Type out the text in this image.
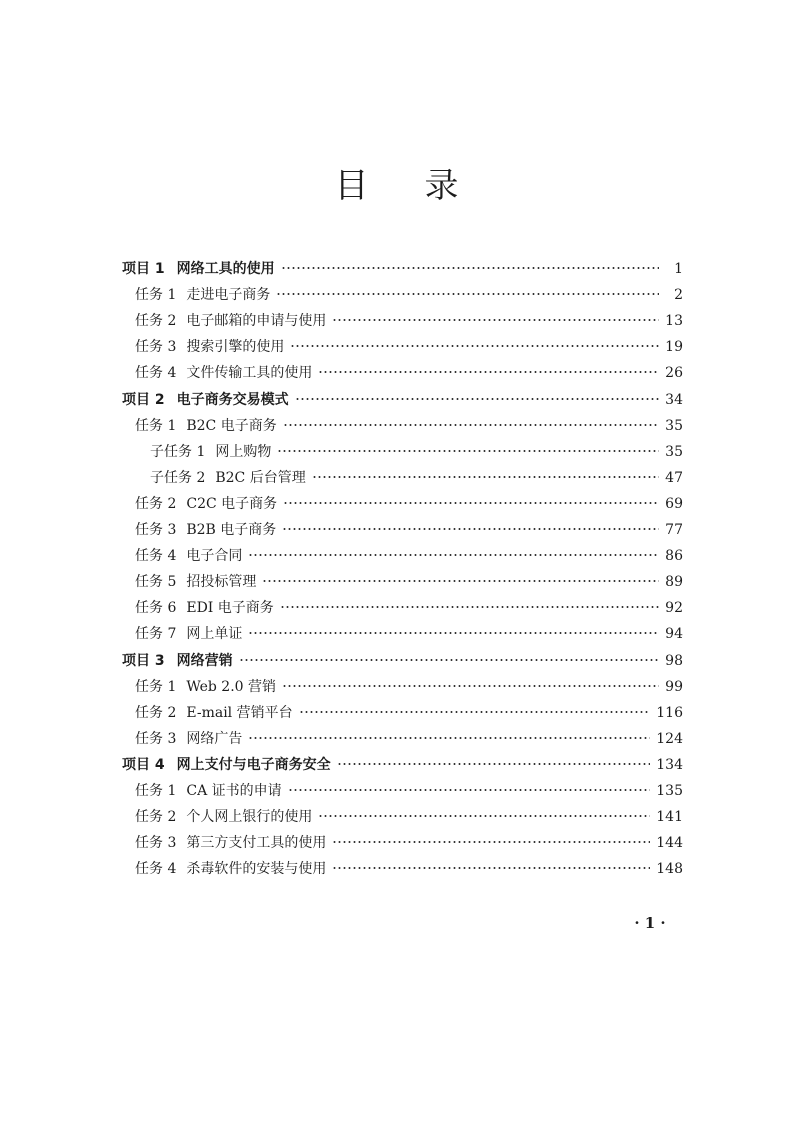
目录
项目 1 网络工具的使用	1
任务 1 走进电子商务	2
任务 2 电子邮箱的申请与使用	13
任务 3 搜索引擎的使用	19
任务 4 文件传输工具的使用	26
项目 2 电子商务交易模式	34
任务 1 B2C 电子商务	35
子任务 1 网上购物	35
子任务 2 B2C 后台管理	47
任务 2 C2C 电子商务	69
任务 3 B2B 电子商务	77
任务 4 电子合同	86
任务 5 招投标管理	89
任务 6 EDI 电子商务	92
任务 7 网上单证	94
项目 3 网络营销	98
任务 1 Web 2.0 营销	99
任务 2 E-mail 营销平台	116
任务 3 网络广告	124
项目 4 网上支付与电子商务安全	134
任务 1 CA 证书的申请	135
任务 2 个人网上银行的使用	141
任务 3 第三方支付工具的使用	144
任务 4 杀毒软件的安装与使用	148
· 1 ·
